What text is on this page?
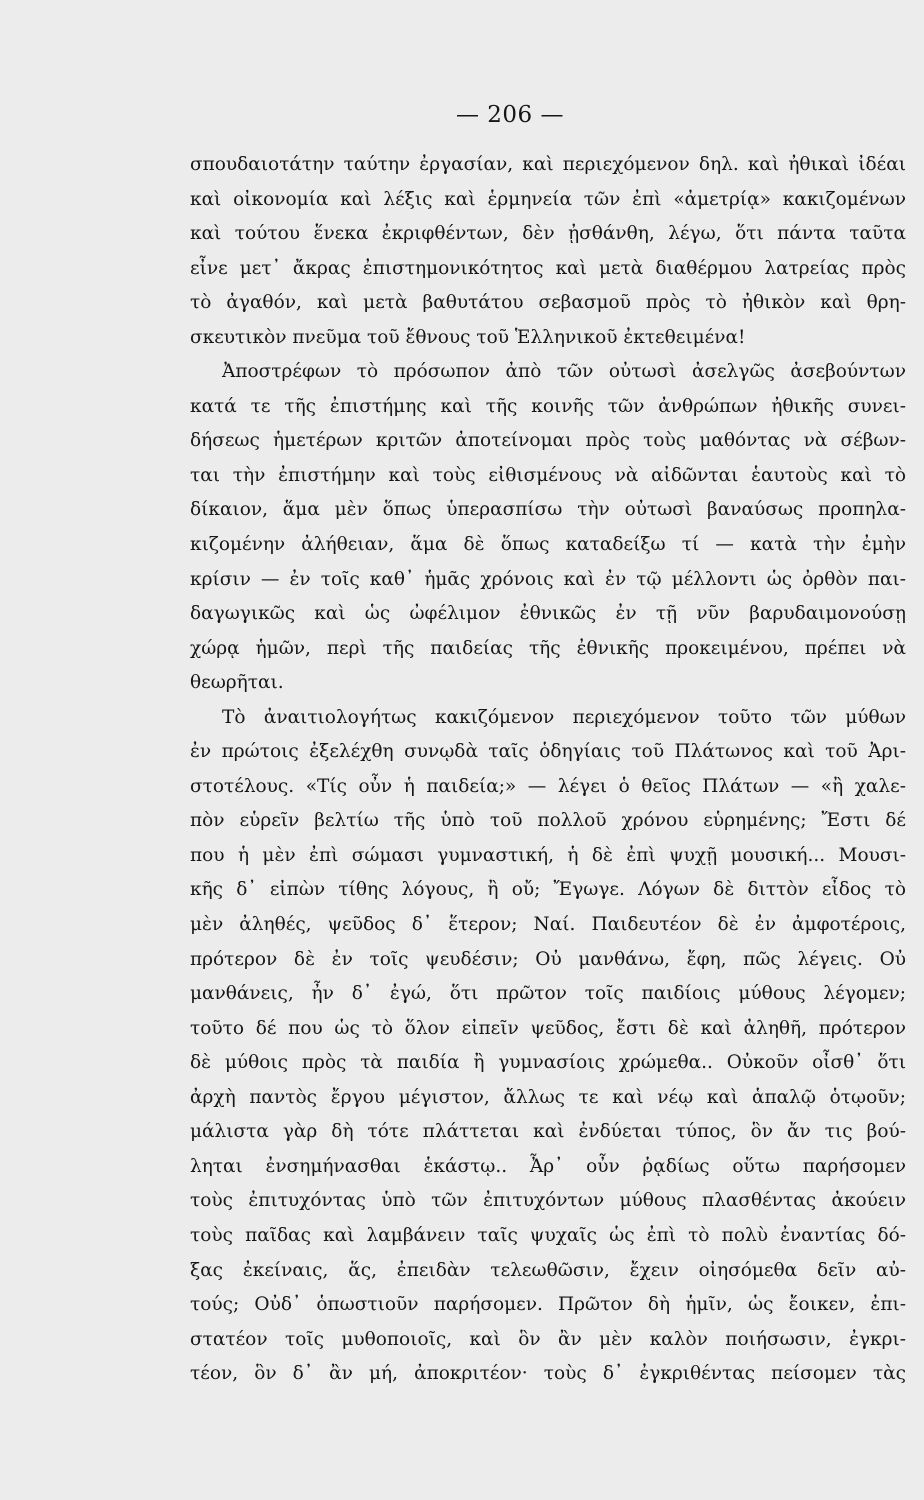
— 206 —
σπουδαιοτάτην ταύτην ἐργασίαν, καὶ περιεχόμενον δηλ. καὶ ἠθικαὶ ἰδέαι
καὶ οἰκονομία καὶ λέξις καὶ ἑρμηνεία τῶν ἐπὶ «ἀμετρίᾳ» κακιζομένων
καὶ τούτου ἕνεκα ἐκριφθέντων, δὲν ᾐσθάνθη, λέγω, ὅτι πάντα ταῦτα
εἶνε μετ᾽ ἄκρας ἐπιστημονικότητος καὶ μετὰ διαθέρμου λατρείας πρὸς
τὸ ἀγαθόν, καὶ μετὰ βαθυτάτου σεβασμοῦ πρὸς τὸ ἠθικὸν καὶ θρη-
σκευτικὸν πνεῦμα τοῦ ἔθνους τοῦ Ἑλληνικοῦ ἐκτεθειμένα!
Ἀποστρέφων τὸ πρόσωπον ἀπὸ τῶν οὐτωσὶ ἀσελγῶς ἀσεβούντων
κατά τε τῆς ἐπιστήμης καὶ τῆς κοινῆς τῶν ἀνθρώπων ἠθικῆς συνει-
δήσεως ἡμετέρων κριτῶν ἀποτείνομαι πρὸς τοὺς μαθόντας νὰ σέβων-
ται τὴν ἐπιστήμην καὶ τοὺς εἰθισμένους νὰ αἰδῶνται ἑαυτοὺς καὶ τὸ
δίκαιον, ἅμα μὲν ὅπως ὑπερασπίσω τὴν οὐτωσὶ βαναύσως προπηλα-
κιζομένην ἀλήθειαν, ἅμα δὲ ὅπως καταδείξω τί — κατὰ τὴν ἐμὴν
κρίσιν — ἐν τοῖς καθ᾽ ἡμᾶς χρόνοις καὶ ἐν τῷ μέλλοντι ὡς ὀρθὸν παι-
δαγωγικῶς καὶ ὡς ὠφέλιμον ἐθνικῶς ἐν τῇ νῦν βαρυδαιμονούσῃ
χώρᾳ ἡμῶν, περὶ τῆς παιδείας τῆς ἐθνικῆς προκειμένου, πρέπει νὰ
θεωρῆται.
Τὸ ἀναιτιολογήτως κακιζόμενον περιεχόμενον τοῦτο τῶν μύθων
ἐν πρώτοις ἐξελέχθη συνῳδὰ ταῖς ὁδηγίαις τοῦ Πλάτωνος καὶ τοῦ Ἀρι-
στοτέλους. «Τίς οὖν ἡ παιδεία;» — λέγει ὁ θεῖος Πλάτων — «ἢ χαλε-
πὸν εὑρεῖν βελτίω τῆς ὑπὸ τοῦ πολλοῦ χρόνου εὑρημένης; Ἔστι δέ
που ἡ μὲν ἐπὶ σώμασι γυμναστική, ἡ δὲ ἐπὶ ψυχῇ μουσική... Μουσι-
κῆς δ᾽ εἰπὼν τίθης λόγους, ἢ οὔ; Ἔγωγε. Λόγων δὲ διττὸν εἶδος τὸ
μὲν ἀληθές, ψεῦδος δ᾽ ἕτερον; Ναί. Παιδευτέον δὲ ἐν ἀμφοτέροις,
πρότερον δὲ ἐν τοῖς ψευδέσιν; Οὐ μανθάνω, ἔφη, πῶς λέγεις. Οὐ
μανθάνεις, ἦν δ᾽ ἐγώ, ὅτι πρῶτον τοῖς παιδίοις μύθους λέγομεν;
τοῦτο δέ που ὡς τὸ ὅλον εἰπεῖν ψεῦδος, ἔστι δὲ καὶ ἀληθῆ, πρότερον
δὲ μύθοις πρὸς τὰ παιδία ἢ γυμνασίοις χρώμεθα.. Οὐκοῦν οἶσθ᾽ ὅτι
ἀρχὴ παντὸς ἔργου μέγιστον, ἄλλως τε καὶ νέῳ καὶ ἁπαλῷ ὁτῳοῦν;
μάλιστα γὰρ δὴ τότε πλάττεται καὶ ἐνδύεται τύπος, ὃν ἄν τις βού-
ληται ἐνσημήνασθαι ἑκάστῳ.. Ἆρ᾽ οὖν ῥᾳδίως οὕτω παρήσομεν
τοὺς ἐπιτυχόντας ὑπὸ τῶν ἐπιτυχόντων μύθους πλασθέντας ἀκούειν
τοὺς παῖδας καὶ λαμβάνειν ταῖς ψυχαῖς ὡς ἐπὶ τὸ πολὺ ἐναντίας δό-
ξας ἐκείναις, ἅς, ἐπειδὰν τελεωθῶσιν, ἔχειν οἰησόμεθα δεῖν αὐ-
τούς; Οὐδ᾽ ὁπωστιοῦν παρήσομεν. Πρῶτον δὴ ἡμῖν, ὡς ἔοικεν, ἐπι-
στατέον τοῖς μυθοποιοῖς, καὶ ὃν ἂν μὲν καλὸν ποιήσωσιν, ἐγκρι-
τέον, ὃν δ᾽ ἂν μή, ἀποκριτέον· τοὺς δ᾽ ἐγκριθέντας πείσομεν τὰς
